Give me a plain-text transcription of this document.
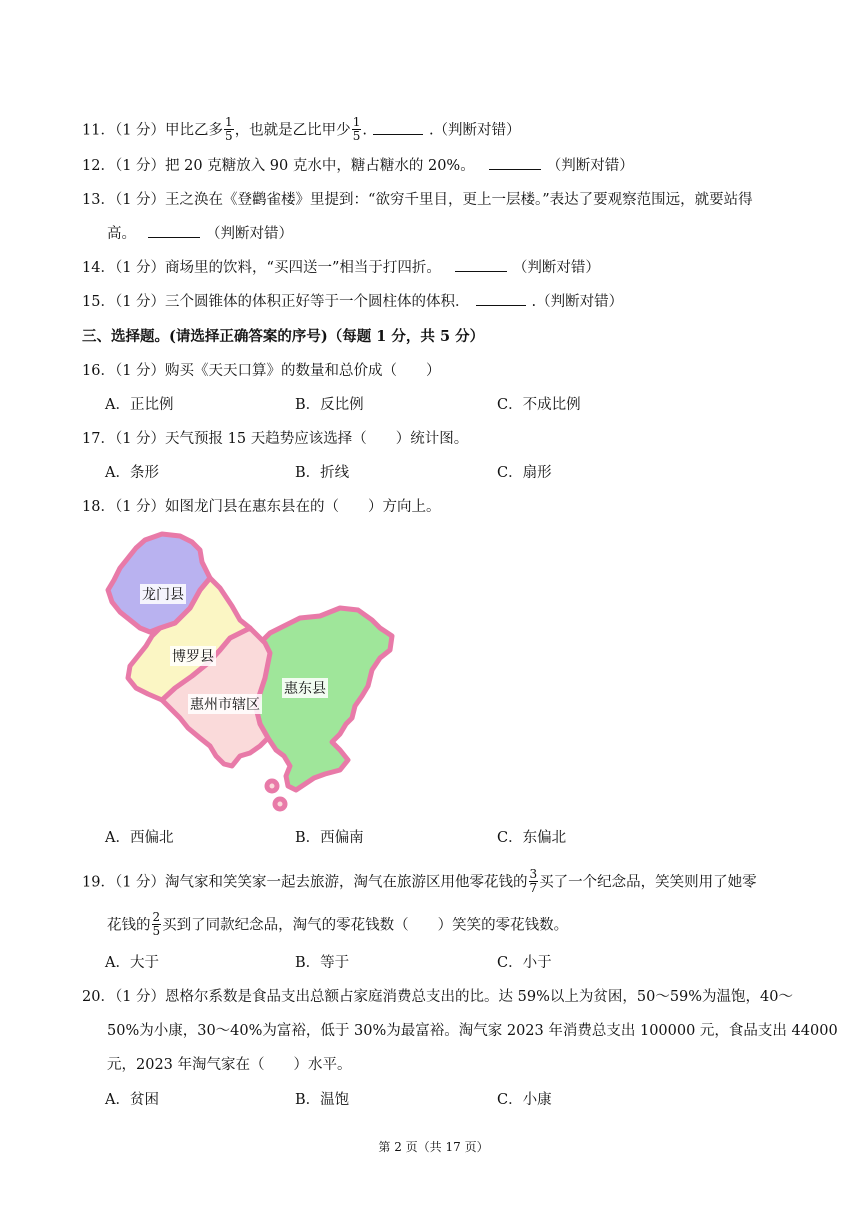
11．（1 分）甲比乙多 $\frac{1}{5}$ ，也就是乙比甲少 $\frac{1}{5}$ .	.（判断对错）
12．（1 分）把 20 克糖放入 90 克水中，糖占糖水的 20%。	（判断对错）
13．（1 分）王之涣在《登鹳雀楼》里提到：“欲穷千里目，更上一层楼。”表达了要观察范围远，就要站得
高。	（判断对错）
14．（1 分）商场里的饮料，“买四送一”相当于打四折。	（判断对错）
15．（1 分）三个圆锥体的体积正好等于一个圆柱体的体积．	.（判断对错）
三、选择题。(请选择正确答案的序号)（每题 1 分，共 5 分）
16．（1 分）购买《天天口算》的数量和总价成（　　）
A．正比例	B．反比例	C．不成比例
17．（1 分）天气预报 15 天趋势应该选择（　　）统计图。
A．条形	B．折线	C．扇形
18．（1 分）如图龙门县在惠东县在的（　　）方向上。
龙门县
博罗县
惠州市辖区
惠东县
A．西偏北	B．西偏南	C．东偏北
19．（1 分）淘气家和笑笑家一起去旅游，淘气在旅游区用他零花钱的 $\frac{3}{7}$ 买了一个纪念品，笑笑则用了她零
花钱的 $\frac{2}{5}$ 买到了同款纪念品，淘气的零花钱数（　　）笑笑的零花钱数。
A．大于	B．等于	C．小于
20．（1 分）恩格尔系数是食品支出总额占家庭消费总支出的比。达 59%以上为贫困，50～59%为温饱，40～
50%为小康，30～40%为富裕，低于 30%为最富裕。淘气家 2023 年消费总支出 100000 元，食品支出 44000
元，2023 年淘气家在（　　）水平。
A．贫困	B．温饱	C．小康
第 2 页（共 17 页）
